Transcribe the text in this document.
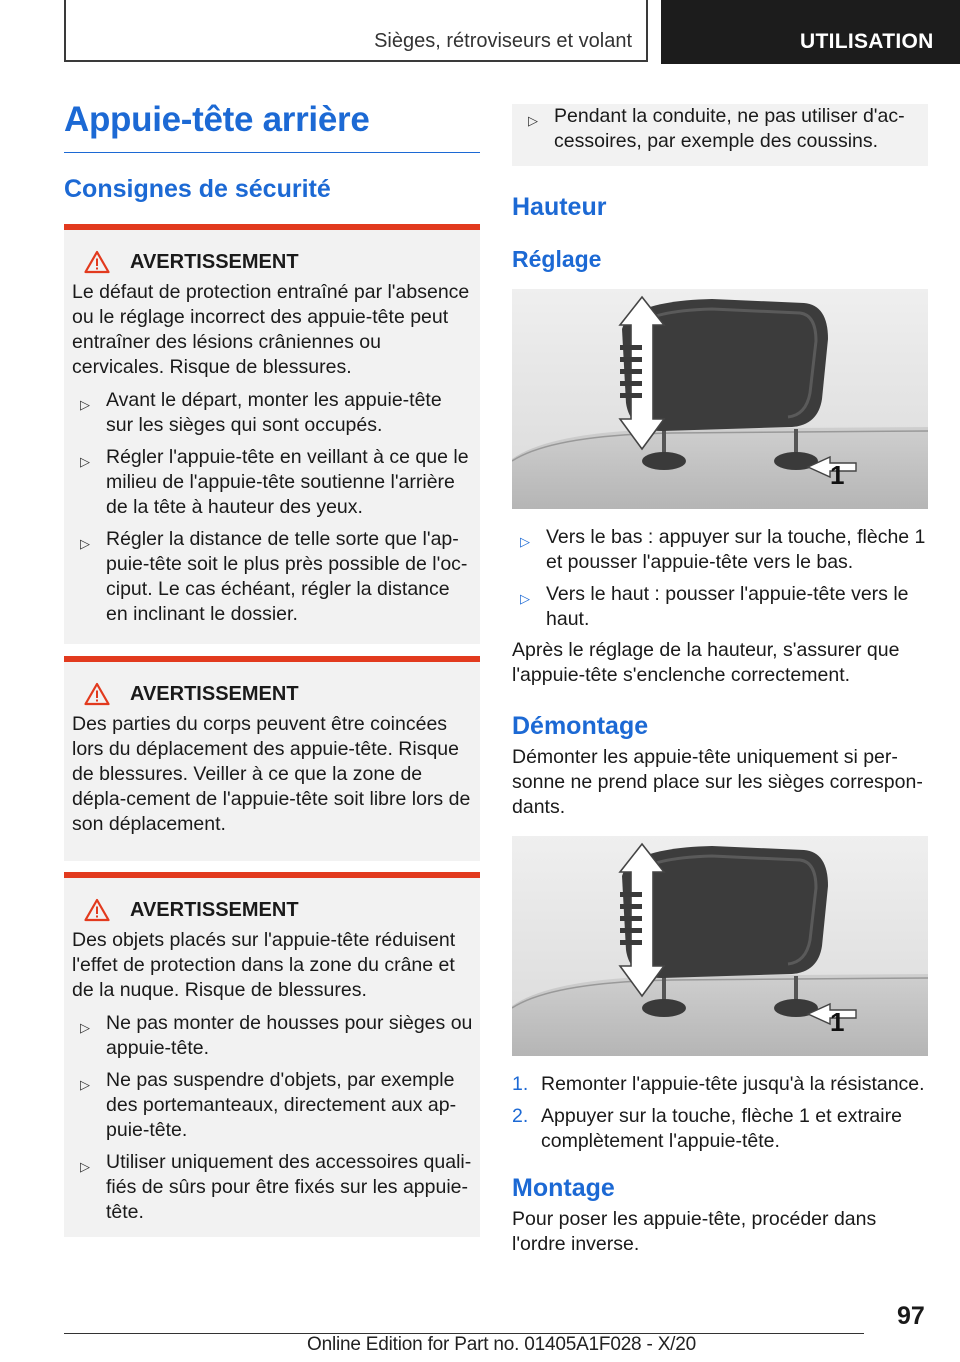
Sièges, rétroviseurs et volant	UTILISATION
Appuie-tête arrière
Consignes de sécurité
AVERTISSEMENT
Le défaut de protection entraîné par l'absence ou le réglage incorrect des appuie-tête peut entraîner des lésions crâniennes ou cervicales. Risque de blessures.
▷ Avant le départ, monter les appuie-tête sur les sièges qui sont occupés.
▷ Régler l'appuie-tête en veillant à ce que le milieu de l'appuie-tête soutienne l'arrière de la tête à hauteur des yeux.
▷ Régler la distance de telle sorte que l'ap-puie-tête soit le plus près possible de l'oc-ciput. Le cas échéant, régler la distance en inclinant le dossier.
AVERTISSEMENT
Des parties du corps peuvent être coincées lors du déplacement des appuie-tête. Risque de blessures. Veiller à ce que la zone de dépla-cement de l'appuie-tête soit libre lors de son déplacement.
AVERTISSEMENT
Des objets placés sur l'appuie-tête réduisent l'effet de protection dans la zone du crâne et de la nuque. Risque de blessures.
▷ Ne pas monter de housses pour sièges ou appuie-tête.
▷ Ne pas suspendre d'objets, par exemple des portemanteaux, directement aux ap-puie-tête.
▷ Utiliser uniquement des accessoires quali-fiés de sûrs pour être fixés sur les appuie-tête.
▷ Pendant la conduite, ne pas utiliser d'ac-cessoires, par exemple des coussins.
Hauteur
Réglage
1
▷ Vers le bas : appuyer sur la touche, flèche 1 et pousser l'appuie-tête vers le bas.
▷ Vers le haut : pousser l'appuie-tête vers le haut.

Après le réglage de la hauteur, s'assurer que l'appuie-tête s'enclenche correctement.

Démontage

Démonter les appuie-tête uniquement si per-sonne ne prend place sur les sièges correspon-dants.

1
1. Remonter l'appuie-tête jusqu'à la résistance.
2. Appuyer sur la touche, flèche 1 et extraire complètement l'appuie-tête.
Montage

Pour poser les appuie-tête, procéder dans l'ordre inverse.

97
Online Edition for Part no. 01405A1F028 - X/20
